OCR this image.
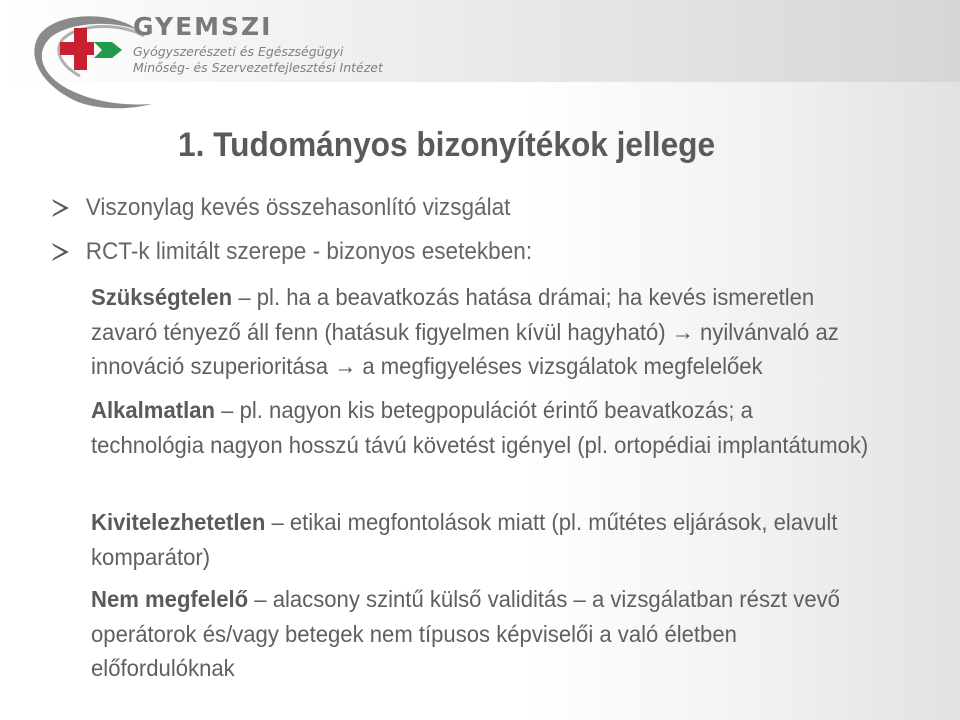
GYEMSZI
Gyógyszerészeti és Egészségügyi
Minőség- és Szervezetfejlesztési Intézet
1. Tudományos bizonyítékok jellege
Viszonylag kevés összehasonlító vizsgálat
RCT-k limitált szerepe - bizonyos esetekben:
Szükségtelen – pl. ha a beavatkozás hatása drámai; ha kevés ismeretlen zavaró tényező áll fenn (hatásuk figyelmen kívül hagyható) → nyilvánvaló az innováció szuperioritása → a megfigyeléses vizsgálatok megfelelőek
Alkalmatlan – pl. nagyon kis betegpopulációt érintő beavatkozás; a technológia nagyon hosszú távú követést igényel (pl. ortopédiai implantátumok)
Kivitelezhetetlen – etikai megfontolások miatt (pl. műtétes eljárások, elavult komparátor)
Nem megfelelő – alacsony szintű külső validitás – a vizsgálatban részt vevő operátorok és/vagy betegek nem típusos képviselői a való életben előfordulóknak
